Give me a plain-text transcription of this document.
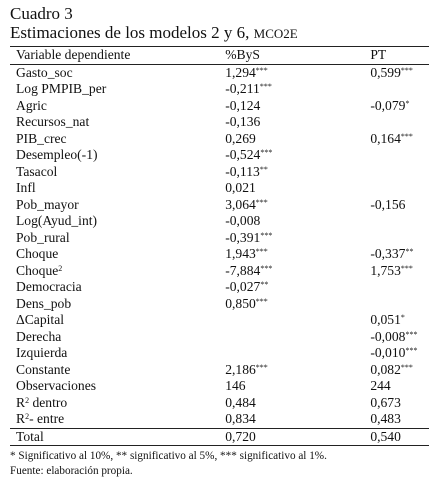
Cuadro 3
Estimaciones de los modelos 2 y 6, MCO2E
Variable dependiente	%ByS	PT
Gasto_soc	1,294***	0,599***
Log PMPIB_per	-0,211***	
Agric	-0,124	-0,079*
Recursos_nat	-0,136	
PIB_crec	0,269	0,164***
Desempleo(-1)	-0,524***	
Tasacol	-0,113**	
Infl	0,021	
Pob_mayor	3,064***	-0,156
Log(Ayud_int)	-0,008	
Pob_rural	-0,391***	
Choque	1,943***	-0,337**
Choque$^2$	-7,884***	1,753***
Democracia	-0,027**	
Dens_pob	0,850***	
ΔCapital		0,051*
Derecha		-0,008***
Izquierda		-0,010***
Constante	2,186***	0,082***
Observaciones	146	244
$R^2$ dentro	0,484	0,673
$R^2-$ entre	0,834	0,483
Total	0,720	0,540
* Significativo al 10%, ** significativo al 5%, *** significativo al 1%.
Fuente: elaboración propia.
